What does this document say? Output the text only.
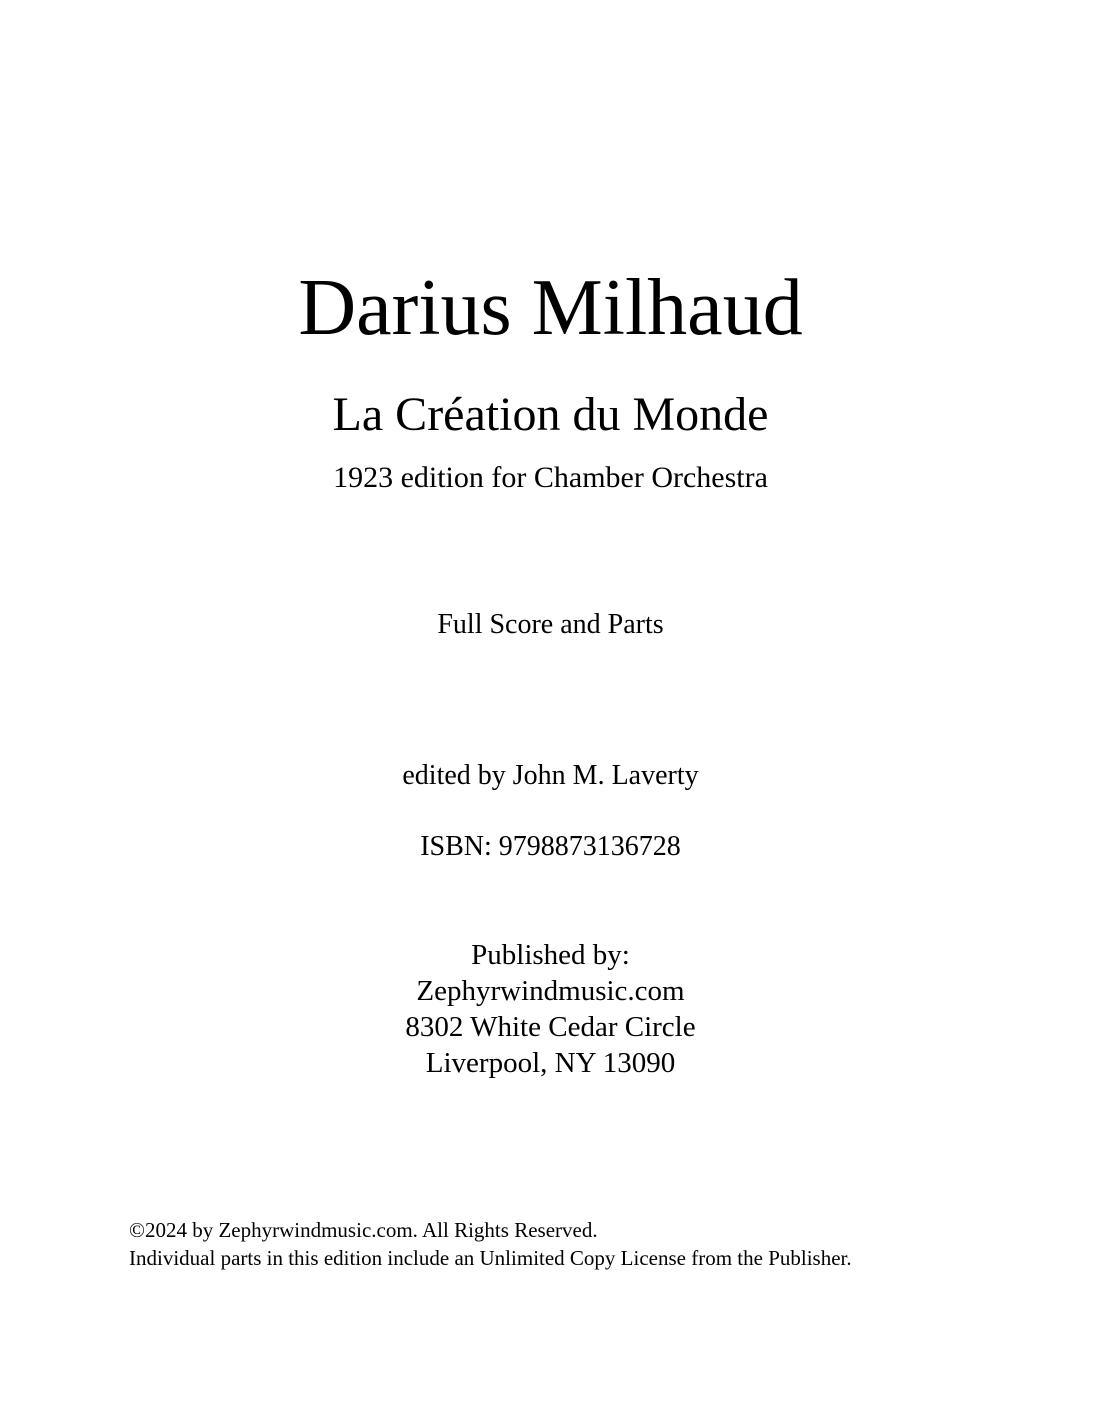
Darius Milhaud
La Création du Monde
1923 edition for Chamber Orchestra
Full Score and Parts
edited by John M. Laverty
ISBN: 9798873136728
Published by:
Zephyrwindmusic.com
8302 White Cedar Circle
Liverpool, NY 13090
©2024 by Zephyrwindmusic.com. All Rights Reserved.
Individual parts in this edition include an Unlimited Copy License from the Publisher.
